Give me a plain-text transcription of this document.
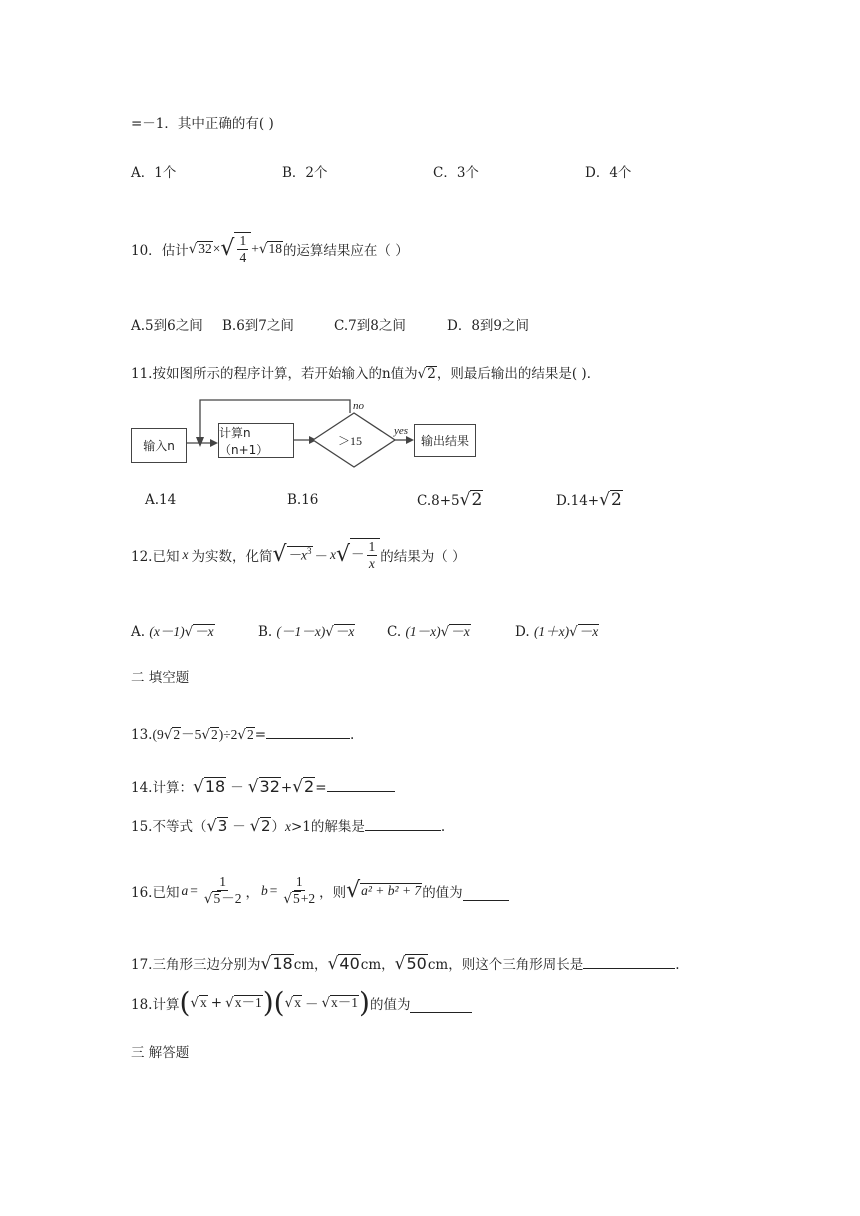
=－1．其中正确的有( )
A．1个	B．2个	C．3个	D．4个
10． 估计 √ 32 × √ $\frac{1}{4}$ + √ 18 的运算结果应在（ ）
A.5到6之间 B.6到7之间	C.7到8之间	D．8到9之间
11.按如图所示的程序计算，若开始输入的n值为√2，则最后输出的结果是( )．
输入n
计算n（n+1）
＞15	输出结果
no
yes
A.14	B.16	C.8+5√2	D.14+√2
12.已知 x 为实数，化简 √ $-x^3 - x$ √ － $\frac{1}{x}$ 的结果为（ ）
A. (x－1)√－x	B. (－1－x)√－x C. (1－x)√－x	D. (1＋x)√－x
二 填空题
13.(9√2－5√2)÷2√2=	.
14.计算：√18 － √32+√2=
15.不等式（√3 － √2）x>1的解集是	.
16.已知 $a = \frac{1}{√5-2}$ ， $b = \frac{1}{√5+2}$ ，则 √ a² + b² + 7 的值为
17.三角形三边分别为√18cm，√40cm，√50cm，则这个三角形周长是	.
18.计算 ( √ x + √ x－1 ) ( √ x － √ x－1 ) 的值为
三 解答题
